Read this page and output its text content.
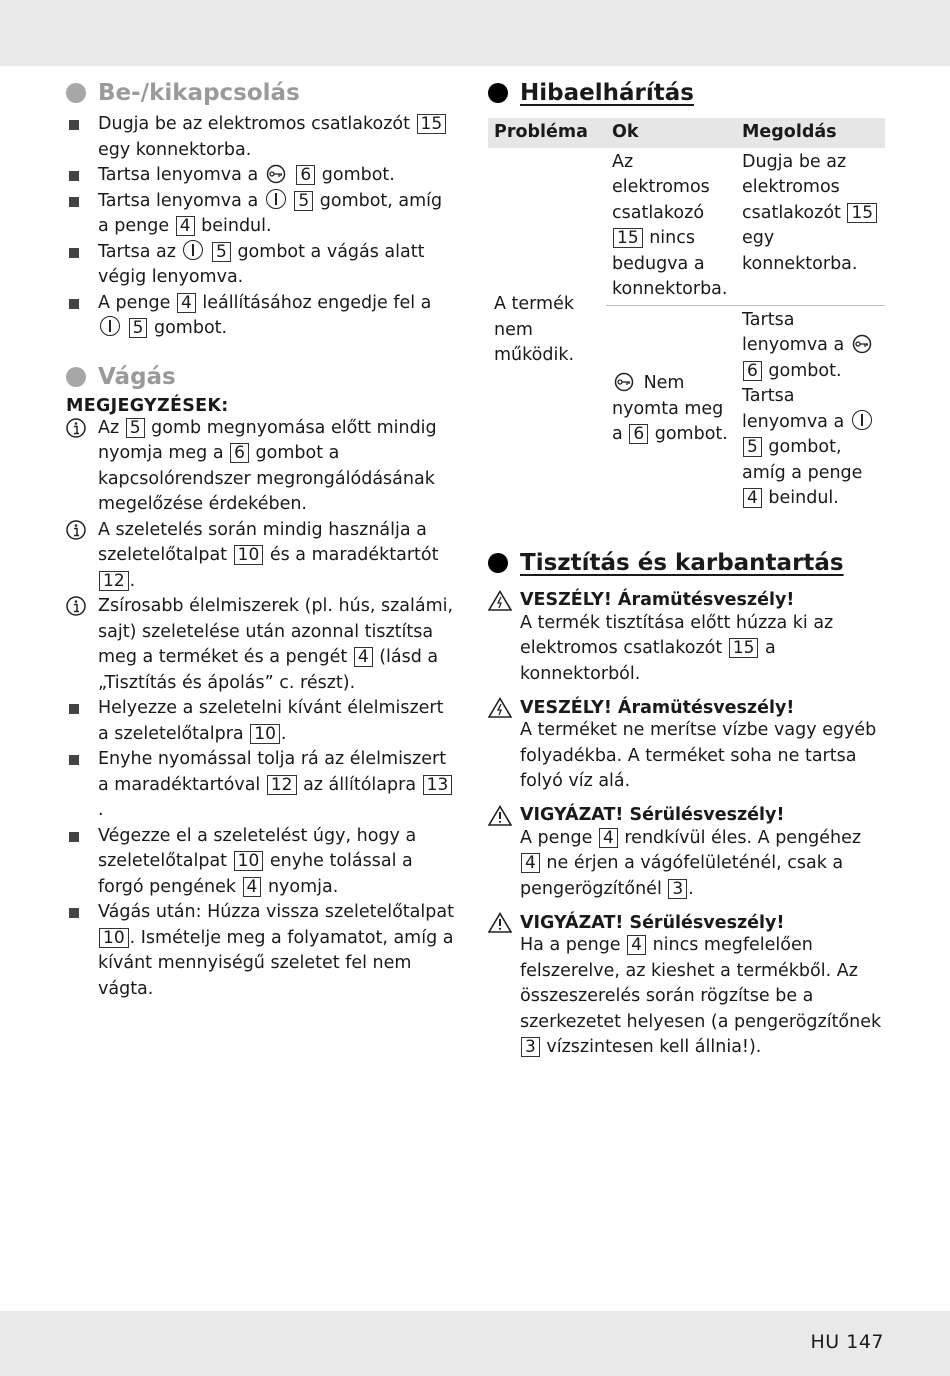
HU 147
Be-/kikapcsolás
Dugja be az elektromos csatlakozót 15 egy konnektorba.
Tartsa lenyomva a 6 gombot.
Tartsa lenyomva a 5 gombot, amíg a penge 4 beindul.
Tartsa az 5 gombot a vágás alatt végig lenyomva.
A penge 4 leállításához engedje fel a  5 gombot.
Vágás
MEGJEGYZÉSEK:
Az 5 gomb megnyomása előtt mindig nyomja meg a 6 gombot a kapcsolórendszer megrongálódásának megelőzése érdekében.
A szeletelés során mindig használja a szeletelőtalpat 10 és a maradéktartót 12 .
Zsírosabb élelmiszerek (pl. hús, szalámi, sajt) szeletelése után azonnal tisztítsa meg a terméket és a pengét 4 (lásd a „Tisztítás és ápolás” c. részt).
Helyezze a szeletelni kívánt élelmiszert a szeletelőtalpra 10 .
Enyhe nyomással tolja rá az élelmiszert a maradéktartóval 12 az állítólapra 13.
Végezze el a szeletelést úgy, hogy a szeletelőtalpat 10 enyhe tolással a forgó pengének 4 nyomja.
Vágás után: Húzza vissza szeletelőtalpat 10 . Ismételje meg a folyamatot, amíg a kívánt mennyiségű szeletet fel nem vágta.
Hibaelhárítás
Probléma	Ok	Megoldás
A termék nem működik.	Az elektromos csatlakozó 15 nincs bedugva a konnektorba.	Dugja be az elektromos csatlakozót 15 egy konnektorba.
	Nem nyomta meg a 6 gombot.	Tartsa lenyomva a  6 gombot. Tartsa lenyomva a  5 gombot, amíg a penge 4 beindul.
Tisztítás és karbantartás
VESZÉLY! Áramütésveszély!
A termék tisztítása előtt húzza ki az elektromos csatlakozót 15 a konnektorból.
VESZÉLY! Áramütésveszély!
A terméket ne merítse vízbe vagy egyéb folyadékba. A terméket soha ne tartsa folyó víz alá.
VIGYÁZAT! Sérülésveszély!
A penge 4 rendkívül éles. A pengéhez 4 ne érjen a vágófelületénél, csak a pengerögzítőnél 3 .
VIGYÁZAT! Sérülésveszély!
Ha a penge 4 nincs megfelelően felszerelve, az kieshet a termékből. Az összeszerelés során rögzítse be a szerkezetet helyesen (a pengerögzítőnek 3 vízszintesen kell állnia!).
